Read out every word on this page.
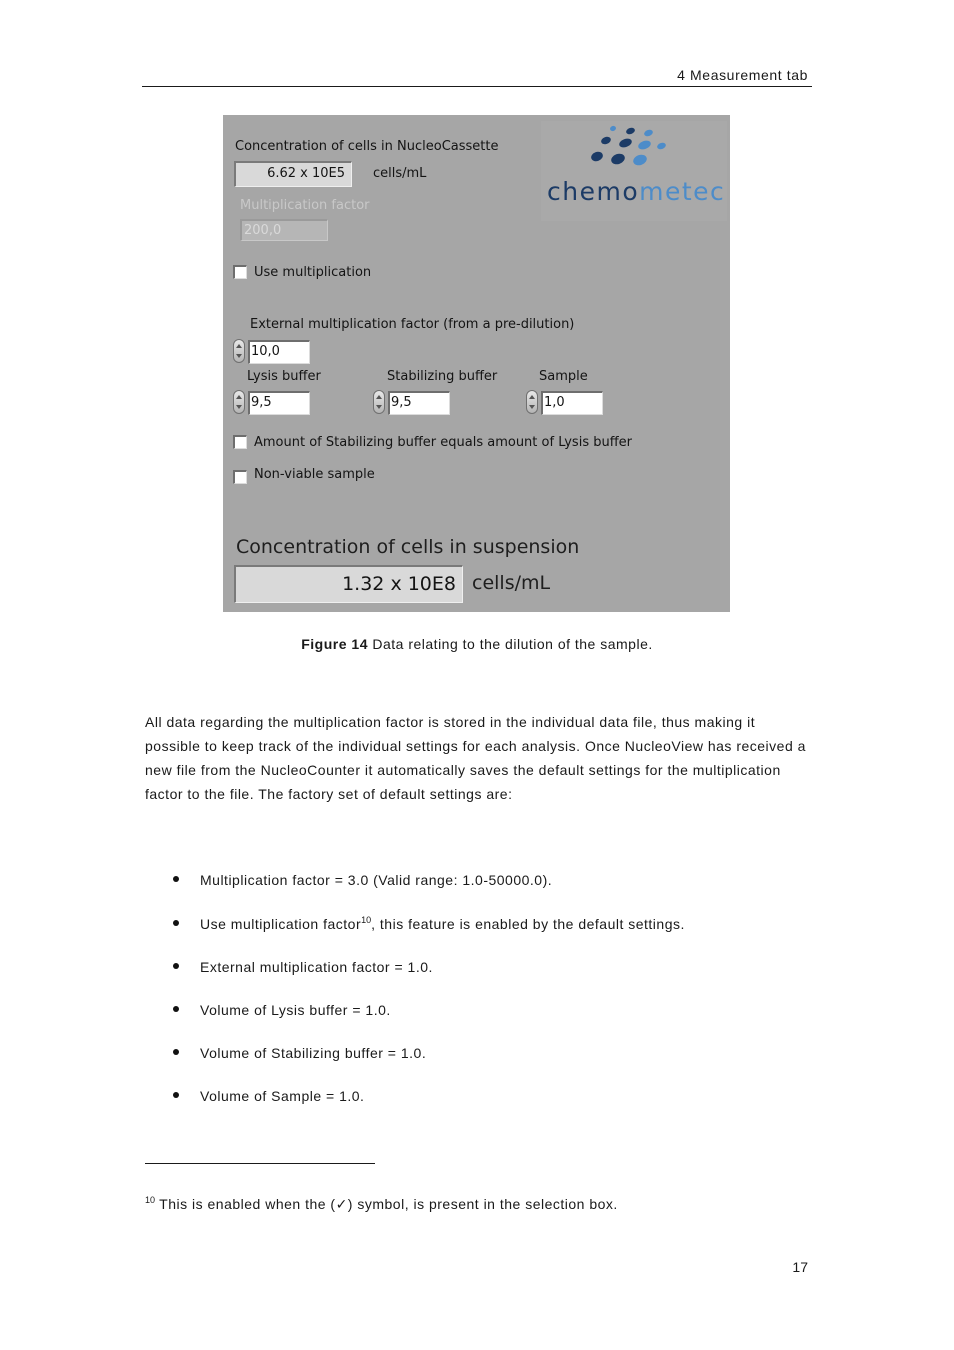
4 Measurement tab
Concentration of cells in NucleoCassette
6.62 x 10E5	cells/mL
Multiplication factor
200,0
Use multiplication
External multiplication factor (from a pre-dilution)
10,0
Lysis buffer
9,5
Stabilizing buffer
9,5
Sample
1,0
Amount of Stabilizing buffer equals amount of Lysis buffer
Non-viable sample
Concentration of cells in suspension
1.32 x 10E8 cells/mL
chemometec
Figure 14 Data relating to the dilution of the sample.
All data regarding the multiplication factor is stored in the individual data file, thus making it possible to keep track of the individual settings for each analysis. Once NucleoView has received a new file from the NucleoCounter it automatically saves the default settings for the multiplication factor to the file. The factory set of default settings are:
Multiplication factor = 3.0 (Valid range: 1.0-50000.0).
Use multiplication factor$^{10}$, this feature is enabled by the default settings.
External multiplication factor = 1.0.
Volume of Lysis buffer = 1.0.
Volume of Stabilizing buffer = 1.0.
Volume of Sample = 1.0.
$^{10}$ This is enabled when the (✓) symbol, is present in the selection box.
17
